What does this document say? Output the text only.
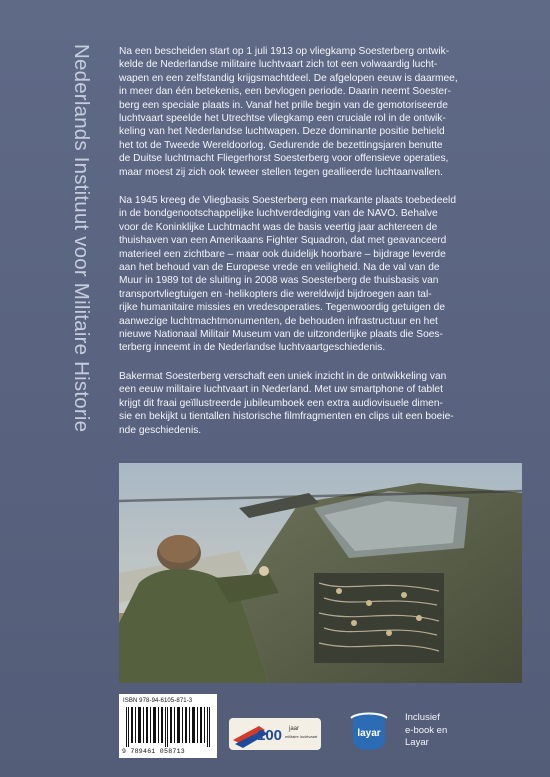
Nederlands Instituut voor Militaire Historie	Na een bescheiden start op 1 juli 1913 op vliegkamp Soesterberg ontwik-
kelde de Nederlandse militaire luchtvaart zich tot een volwaardig lucht-
wapen en een zelfstandig krijgsmachtdeel. De afgelopen eeuw is daarmee,
in meer dan één betekenis, een bevlogen periode. Daarin neemt Soester-
berg een speciale plaats in. Vanaf het prille begin van de gemotoriseerde
luchtvaart speelde het Utrechtse vliegkamp een cruciale rol in de ontwik-
keling van het Nederlandse luchtwapen. Deze dominante positie behield
het tot de Tweede Wereldoorlog. Gedurende de bezettingsjaren benutte
de Duitse luchtmacht Fliegerhorst Soesterberg voor offensieve operaties,
maar moest zij zich ook teweer stellen tegen geallieerde luchtaanvallen.
Na 1945 kreeg de Vliegbasis Soesterberg een markante plaats toebedeeld
in de bondgenootschappelijke luchtverdediging van de NAVO. Behalve
voor de Koninklijke Luchtmacht was de basis veertig jaar achtereen de
thuishaven van een Amerikaans Fighter Squadron, dat met geavanceerd
materieel een zichtbare – maar ook duidelijk hoorbare – bijdrage leverde
aan het behoud van de Europese vrede en veiligheid. Na de val van de
Muur in 1989 tot de sluiting in 2008 was Soesterberg de thuisbasis van
transportvliegtuigen en -helikopters die wereldwijd bijdroegen aan tal-
rijke humanitaire missies en vredesoperaties. Tegenwoordig getuigen de
aanwezige luchtmachtmonumenten, de behouden infrastructuur en het
nieuwe Nationaal Militair Museum van de uitzonderlijke plaats die Soes-
terberg inneemt in de Nederlandse luchtvaartgeschiedenis.
Bakermat Soesterberg verschaft een uniek inzicht in de ontwikkeling van
een eeuw militaire luchtvaart in Nederland. Met uw smartphone of tablet
krijgt dit fraai geïllustreerde jubileumboek een extra audiovisuele dimen-
sie en bekijkt u tientallen historische filmfragmenten en clips uit een boeie-
nde geschiedenis.
ISBN 978-94-6105-871-3
9 789461 058713
100 jaar
militaire luchtvaart	layar
Inclusief
e-book en
Layar
